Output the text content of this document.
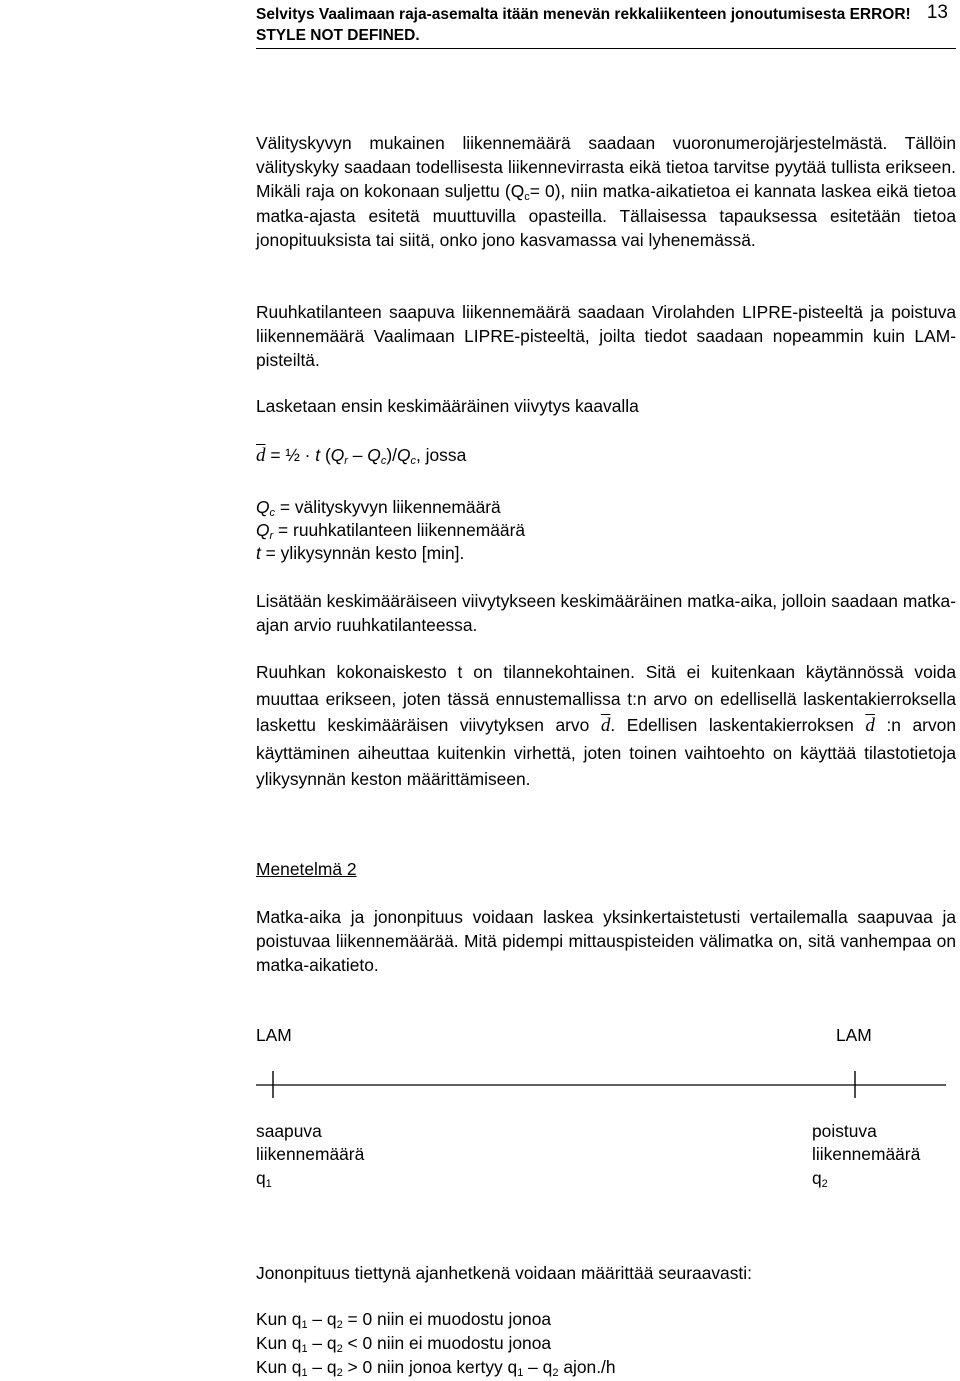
Selvitys Vaalimaan raja-asemalta itään menevän rekkaliikenteen jonoutumisesta ERROR! STYLE NOT DEFINED.
13
Välityskyvyn mukainen liikennemäärä saadaan vuoronumerojärjestelmästä. Tällöin välityskyky saadaan todellisesta liikennevirrasta eikä tietoa tarvitse pyytää tullista erikseen. Mikäli raja on kokonaan suljettu $(Q_c= 0)$, niin matka-aikatietoa ei kannata laskea eikä tietoa matka-ajasta esitetä muuttuvilla opasteilla. Tällaisessa tapauksessa esitetään tietoa jonopituuksista tai siitä, onko jono kasvamassa vai lyhenemässä.
Ruuhkatilanteen saapuva liikennemäärä saadaan Virolahden LIPRE-pisteeltä ja poistuva liikennemäärä Vaalimaan LIPRE-pisteeltä, joilta tiedot saadaan nopeammin kuin LAM-pisteiltä.
Lasketaan ensin keskimääräinen viivytys kaavalla
$\overline{d}$ = ½ · t $(Q_r - Q_c)/Q_c$, jossa
$Q_c$ = välityskyvyn liikennemäärä
$Q_r$ = ruuhkatilanteen liikennemäärä
t = ylikysynnän kesto [min].
Lisätään keskimääräiseen viivytykseen keskimääräinen matka-aika, jolloin saadaan matka-ajan arvio ruuhkatilanteessa.
Ruuhkan kokonaiskesto t on tilannekohtainen. Sitä ei kuitenkaan käytännössä voida muuttaa erikseen, joten tässä ennustemallissa t:n arvo on edellisellä laskentakierroksella laskettu keskimääräisen viivytyksen arvo $\overline{d}$. Edellisen laskentakierroksen $\overline{d}$ :n arvon käyttäminen aiheuttaa kuitenkin virhettä, joten toinen vaihtoehto on käyttää tilastotietoja ylikysynnän keston määrittämiseen.
Menetelmä 2
Matka-aika ja jononpituus voidaan laskea yksinkertaistetusti vertailemalla saapuvaa ja poistuvaa liikennemäärää. Mitä pidempi mittauspisteiden välimatka on, sitä vanhempaa on matka-aikatieto.
LAM	LAM
saapuva
liikennemäärä
$q_1$
poistuva
liikennemäärä
$q_2$
Jononpituus tiettynä ajanhetkenä voidaan määrittää seuraavasti:
Kun $q_1 - q_2 = 0$ niin ei muodostu jonoa
Kun $q_1 - q_2 < 0$ niin ei muodostu jonoa
Kun $q_1 - q_2 > 0$ niin jonoa kertyy $q_1 - q_2$ ajon./h
